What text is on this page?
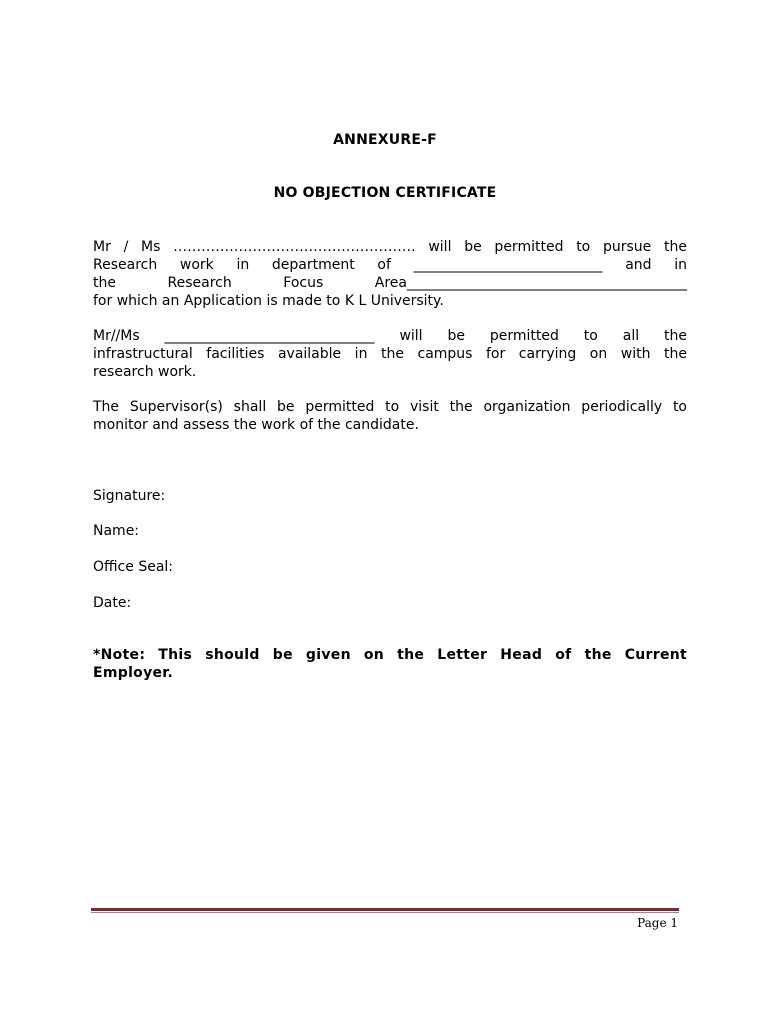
ANNEXURE-F
NO OBJECTION CERTIFICATE
Mr / Ms ……………………………………………. will be permitted to pursue the
Research work in department of ___________________________ and in
the Research Focus Area________________________________________
for which an Application is made to K L University.
Mr//Ms ______________________________ will be permitted to all the
infrastructural facilities available in the campus for carrying on with the
research work.
The Supervisor(s) shall be permitted to visit the organization periodically to
monitor and assess the work of the candidate.
Signature:
Name:
Office Seal:
Date:
*Note: This should be given on the Letter Head of the Current
Employer.
Page 1
